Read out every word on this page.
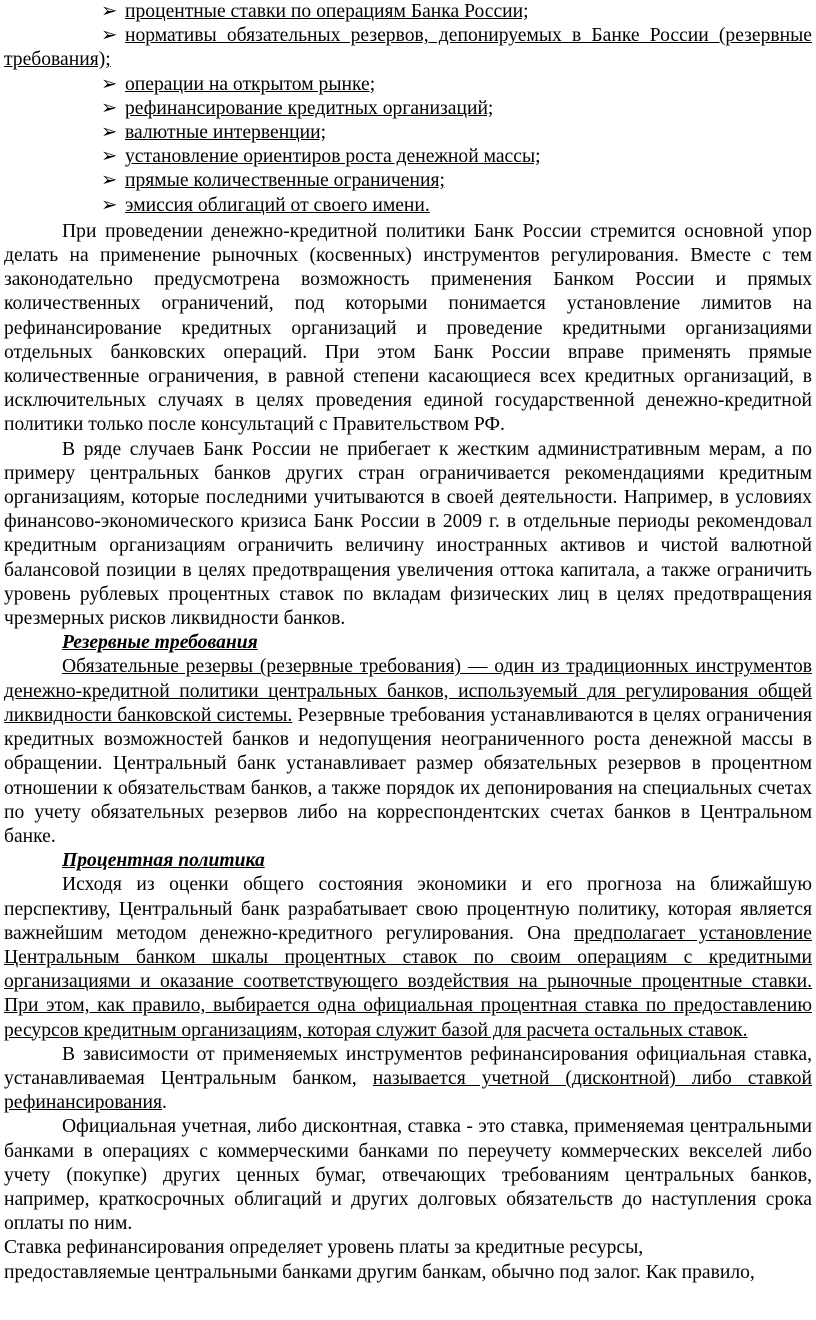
➢ процентные ставки по операциям Банка России;
➢ нормативы обязательных резервов, депонируемых в Банке России (резервные требования);
➢ операции на открытом рынке;
➢ рефинансирование кредитных организаций;
➢ валютные интервенции;
➢ установление ориентиров роста денежной массы;
➢ прямые количественные ограничения;
➢ эмиссия облигаций от своего имени.

При проведении денежно-кредитной политики Банк России стремится основной упор делать на применение рыночных (косвенных) инструментов регулирования. Вместе с тем законодательно предусмотрена возможность применения Банком России и прямых количественных ограничений, под которыми понимается установление лимитов на рефинансирование кредитных организаций и проведение кредитными организациями отдельных банковских операций. При этом Банк России вправе применять прямые количественные ограничения, в равной степени касающиеся всех кредитных организаций, в исключительных случаях в целях проведения единой государственной денежно-кредитной политики только после консультаций с Правительством РФ.

В ряде случаев Банк России не прибегает к жестким административным мерам, а по примеру центральных банков других стран ограничивается рекомендациями кредитным организациям, которые последними учитываются в своей деятельности. Например, в условиях финансово-экономического кризиса Банк России в 2009 г. в отдельные периоды рекомендовал кредитным организациям ограничить величину иностранных активов и чистой валютной балансовой позиции в целях предотвращения увеличения оттока капитала, а также ограничить уровень рублевых процентных ставок по вкладам физических лиц в целях предотвращения чрезмерных рисков ликвидности банков.

Резервные требования

Обязательные резервы (резервные требования) — один из традиционных инструментов денежно-кредитной политики центральных банков, используемый для регулирования общей ликвидности банковской системы. Резервные требования устанавливаются в целях ограничения кредитных возможностей банков и недопущения неограниченного роста денежной массы в обращении. Центральный банк устанавливает размер обязательных резервов в процентном отношении к обязательствам банков, а также порядок их депонирования на специальных счетах по учету обязательных резервов либо на корреспондентских счетах банков в Центральном банке.

Процентная политика

Исходя из оценки общего состояния экономики и его прогноза на ближайшую перспективу, Центральный банк разрабатывает свою процентную политику, которая является важнейшим методом денежно-кредитного регулирования. Она предполагает установление Центральным банком шкалы процентных ставок по своим операциям с кредитными организациями и оказание соответствующего воздействия на рыночные процентные ставки. При этом, как правило, выбирается одна официальная процентная ставка по предоставлению ресурсов кредитным организациям, которая служит базой для расчета остальных ставок.

В зависимости от применяемых инструментов рефинансирования официальная ставка, устанавливаемая Центральным банком, называется учетной (дисконтной) либо ставкой рефинансирования.

Официальная учетная, либо дисконтная, ставка - это ставка, применяемая центральными банками в операциях с коммерческими банками по переучету коммерческих векселей либо учету (покупке) других ценных бумаг, отвечающих требованиям центральных банков, например, краткосрочных облигаций и других долговых обязательств до наступления срока оплаты по ним.

Ставка рефинансирования определяет уровень платы за кредитные ресурсы,

предоставляемые центральными банками другим банкам, обычно под залог. Как правило,
